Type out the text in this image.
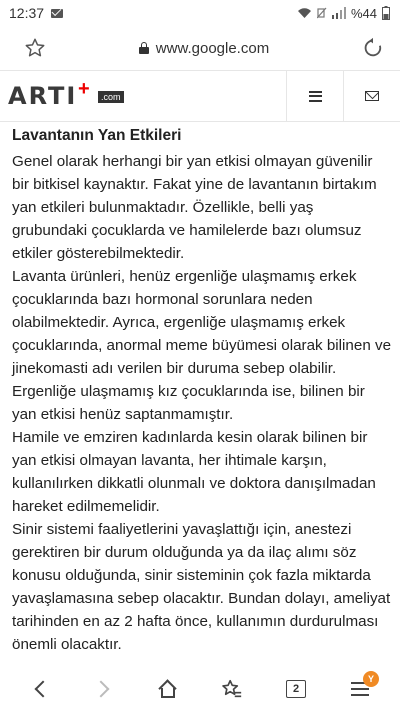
12:37	%44
www.google.com
ARTI +	.com
Lavantanın Yan Etkileri

Genel olarak herhangi bir yan etkisi olmayan güvenilir bir bitkisel kaynaktır. Fakat yine de lavantanın birtakım yan etkileri bulunmaktadır. Özellikle, belli yaş grubundaki çocuklarda ve hamilelerde bazı olumsuz etkiler gösterebilmektedir.

Lavanta ürünleri, henüz ergenliğe ulaşmamış erkek çocuklarında bazı hormonal sorunlara neden olabilmektedir. Ayrıca, ergenliğe ulaşmamış erkek çocuklarında, anormal meme büyümesi olarak bilinen ve jinekomasti adı verilen bir duruma sebep olabilir. Ergenliğe ulaşmamış kız çocuklarında ise, bilinen bir yan etkisi henüz saptanmamıştır.

Hamile ve emziren kadınlarda kesin olarak bilinen bir yan etkisi olmayan lavanta, her ihtimale karşın, kullanılırken dikkatli olunmalı ve doktora danışılmadan hareket edilmemelidir.

Sinir sistemi faaliyetlerini yavaşlattığı için, anestezi gerektiren bir durum olduğunda ya da ilaç alımı söz konusu olduğunda, sinir sisteminin çok fazla miktarda yavaşlamasına sebep olacaktır. Bundan dolayı, ameliyat tarihinden en az 2 hafta önce, kullanımın durdurulması önemli olacaktır.

2
Y
